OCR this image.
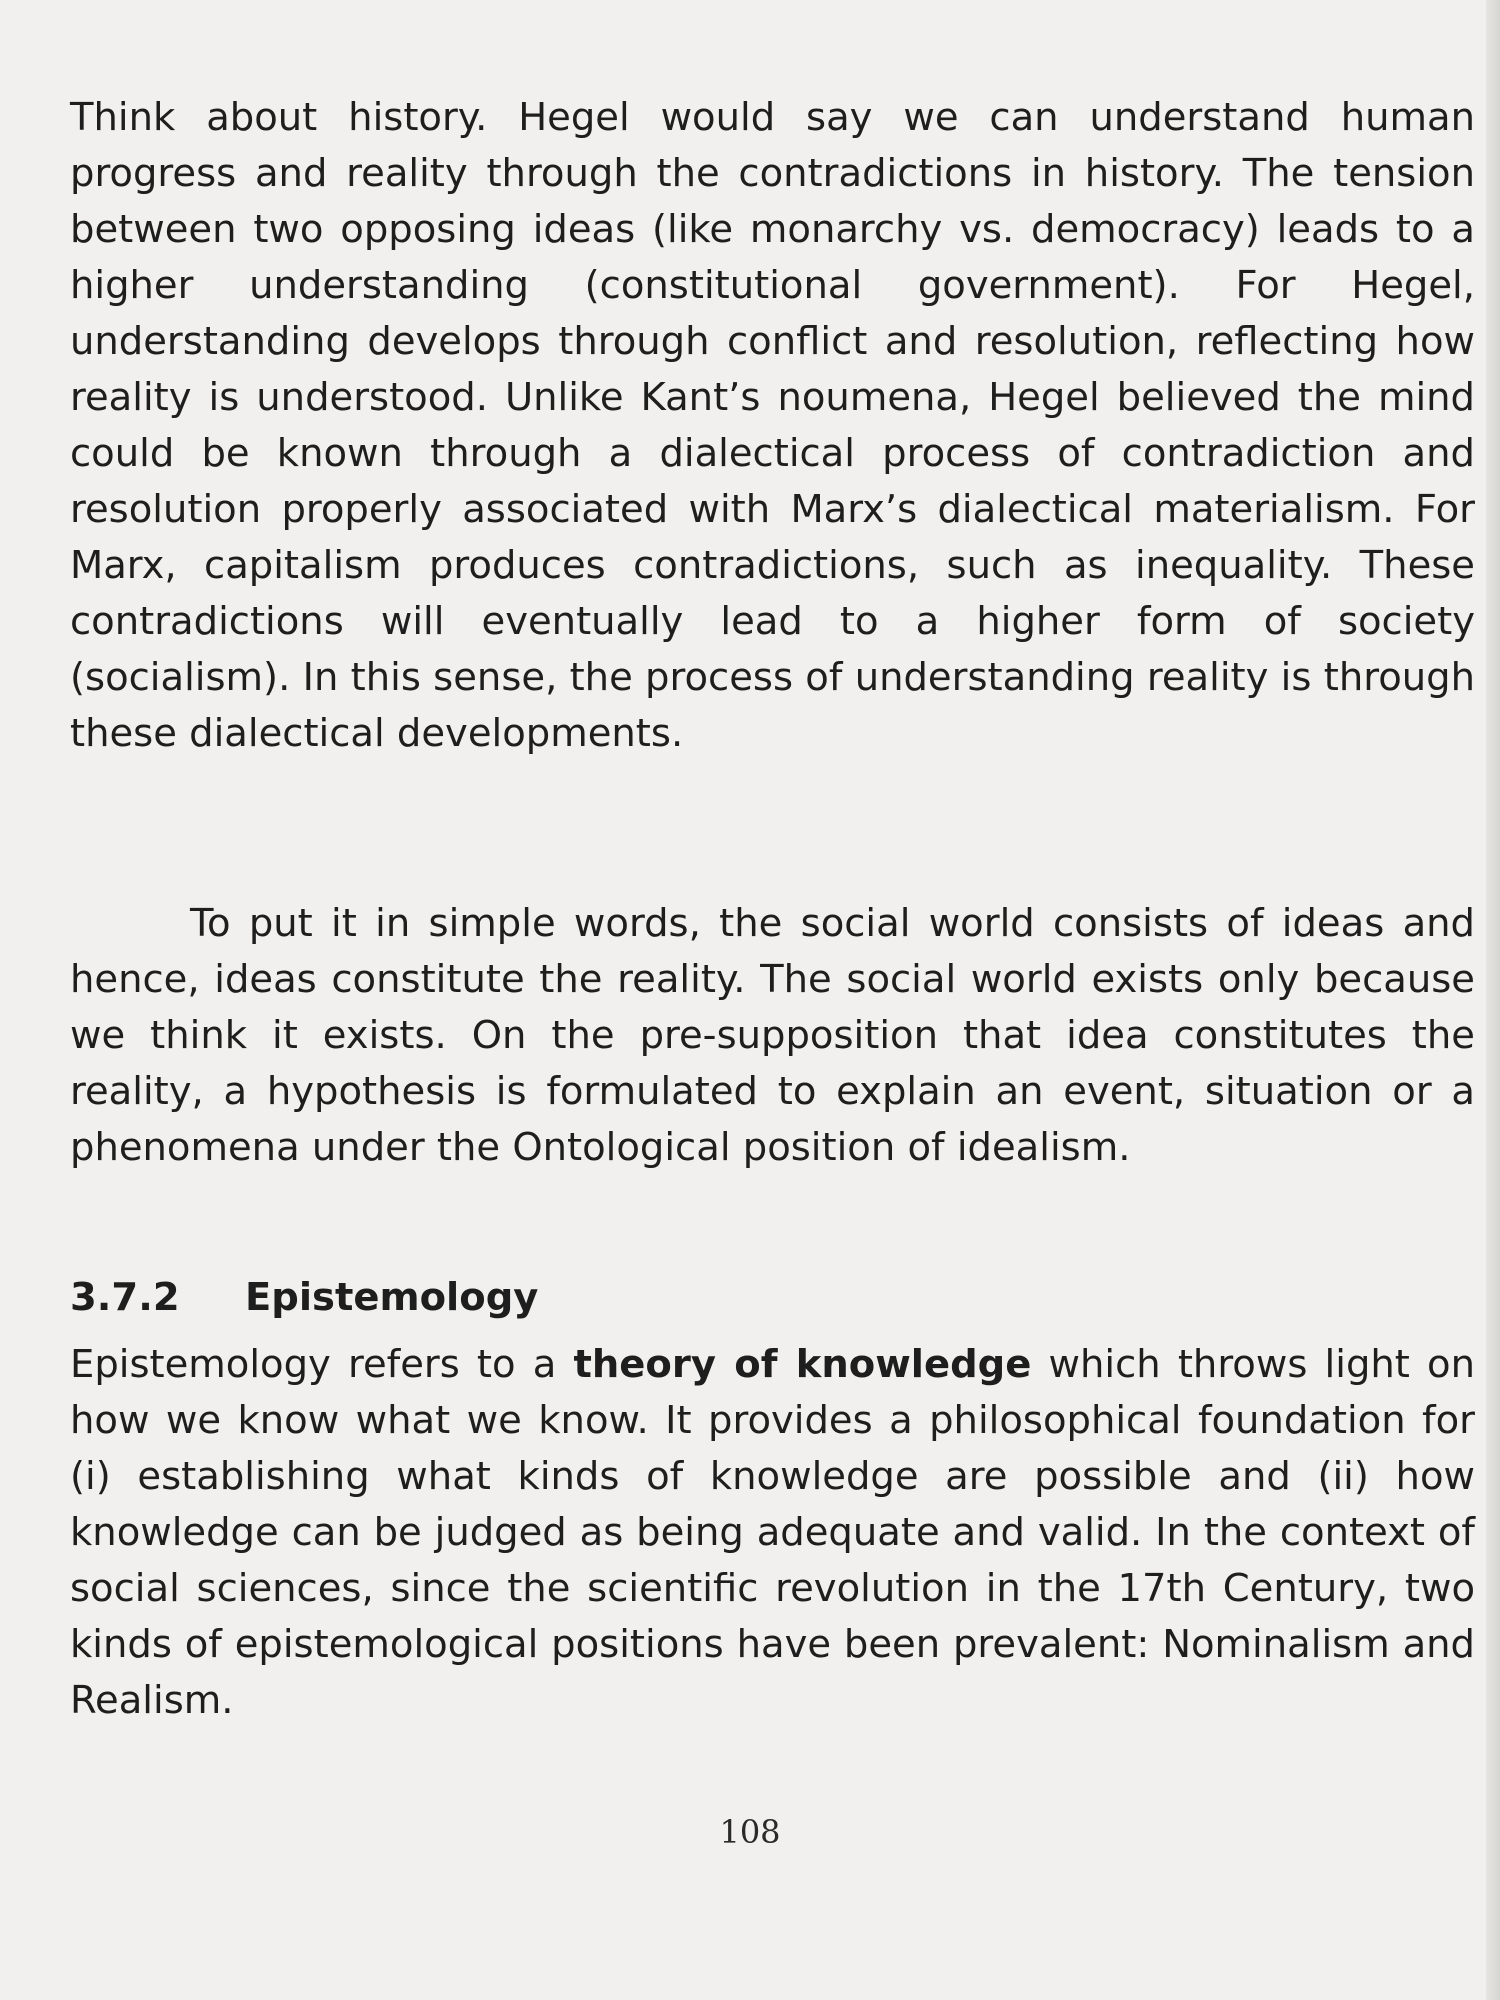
Think about history. Hegel would say we can understand human progress and reality through the contradictions in history. The tension between two opposing ideas (like monarchy vs. democracy) leads to a higher understanding (constitutional government). For Hegel, understanding develops through conflict and resolution, reflecting how reality is understood. Unlike Kant’s noumena, Hegel believed the mind could be known through a dialectical process of contradiction and resolution properly associated with Marx’s dialectical materialism. For Marx, capitalism produces contradictions, such as inequality. These contradictions will eventually lead to a higher form of society (socialism). In this sense, the process of understanding reality is through these dialectical developments.

To put it in simple words, the social world consists of ideas and hence, ideas constitute the reality. The social world exists only because we think it exists. On the pre-supposition that idea constitutes the reality, a hypothesis is formulated to explain an event, situation or a phenomena under the Ontological position of idealism.

3.7.2 Epistemology

Epistemology refers to a theory of knowledge which throws light on how we know what we know. It provides a philosophical foundation for (i) establishing what kinds of knowledge are possible and (ii) how knowledge can be judged as being adequate and valid. In the context of social sciences, since the scientific revolution in the 17th Century, two kinds of epistemological positions have been prevalent: Nominalism and Realism.

108
